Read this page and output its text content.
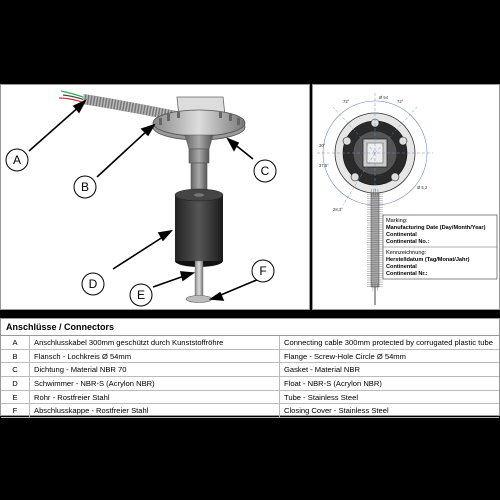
A
B
C
D
E
F
72°	72°
Ø 54
30°
37,5°
28,3°
Ø 5,2
Marking:
Manufacturing Date (Day/Month/Year)
Continental
Continental No.:
Kennzeichnung:
Herstelldatum (Tag/Monat/Jahr)
Continental
Continental Nr.:
Anschlüsse / Connectors
A	Anschlusskabel 300mm geschützt durch Kunststoffröhre	Connecting cable 300mm protected by corrugated plastic tube
B	Flansch - Lochkreis Ø 54mm	Flange - Screw-Hole Circle Ø 54mm
C	Dichtung - Material NBR 70	Gasket - Material NBR
D	Schwimmer - NBR-S (Acrylon NBR)	Float - NBR-S (Acrylon NBR)
E	Rohr - Rostfreier Stahl	Tube - Stainless Steel
F	Abschlusskappe - Rostfreier Stahl	Closing Cover - Stainless Steel
